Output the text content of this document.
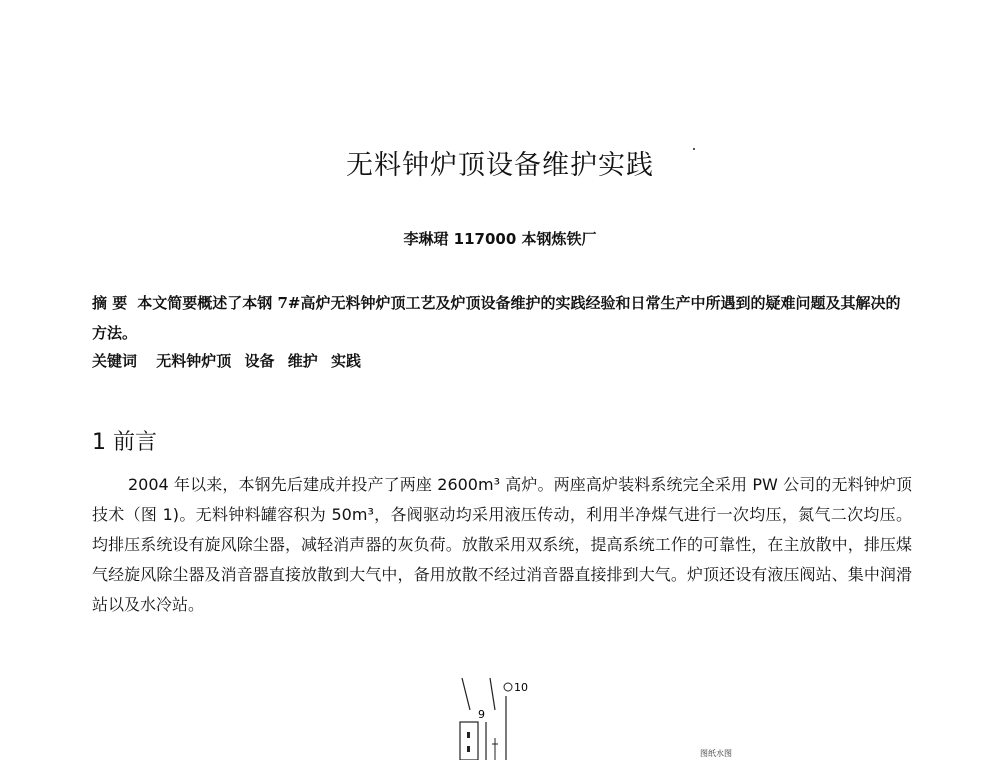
无料钟炉顶设备维护实践
李琳珺 117000 本钢炼铁厂
摘 要 本文简要概述了本钢 7#高炉无料钟炉顶工艺及炉顶设备维护的实践经验和日常生产中所遇到的疑难问题及其解决的方法。
关键词 无料钟炉顶 设备 维护 实践
1 前言
2004 年以来，本钢先后建成并投产了两座 2600m³ 高炉。两座高炉装料系统完全采用 PW 公司的无料钟炉顶技术（图 1)。无料钟料罐容积为 50m³，各阀驱动均采用液压传动，利用半净煤气进行一次均压，氮气二次均压。均排压系统设有旋风除尘器，减轻消声器的灰负荷。放散采用双系统，提高系统工作的可靠性，在主放散中，排压煤气经旋风除尘器及消音器直接放散到大气中，备用放散不经过消音器直接排到大气。炉顶还设有液压阀站、集中润滑站以及水冷站。
10
9
图纸水图
